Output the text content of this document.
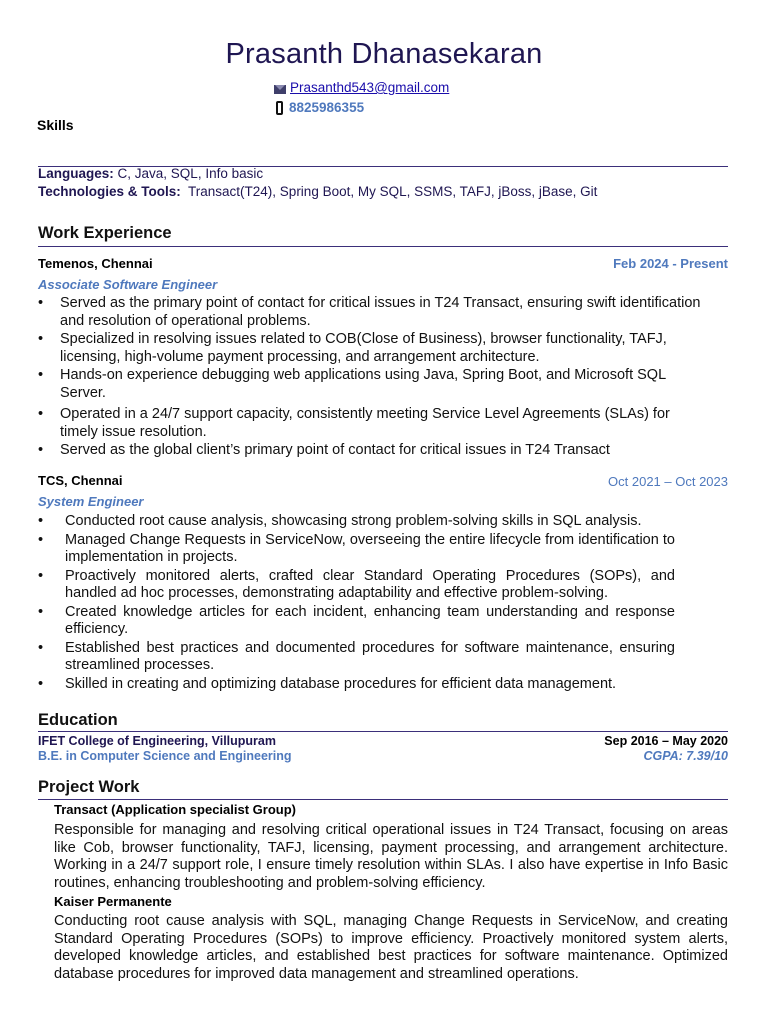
Prasanth Dhanasekaran
Prasanthd543@gmail.com
8825986355
Skills
Languages: C, Java, SQL, Info basic
Technologies & Tools: Transact(T24), Spring Boot, My SQL, SSMS, TAFJ, jBoss, jBase, Git
Work Experience
Temenos, Chennai	Feb 2024 - Present
Associate Software Engineer
• Served as the primary point of contact for critical issues in T24 Transact, ensuring swift identification and resolution of operational problems.
• Specialized in resolving issues related to COB(Close of Business), browser functionality, TAFJ, licensing, high-volume payment processing, and arrangement architecture.
• Hands-on experience debugging web applications using Java, Spring Boot, and Microsoft SQL Server.
• Operated in a 24/7 support capacity, consistently meeting Service Level Agreements (SLAs) for timely issue resolution.
• Served as the global client’s primary point of contact for critical issues in T24 Transact
TCS, Chennai	Oct 2021 – Oct 2023
System Engineer
• Conducted root cause analysis, showcasing strong problem-solving skills in SQL analysis.
• Managed Change Requests in ServiceNow, overseeing the entire lifecycle from identification to implementation in projects.
• Proactively monitored alerts, crafted clear Standard Operating Procedures (SOPs), and handled ad hoc processes, demonstrating adaptability and effective problem-solving.
• Created knowledge articles for each incident, enhancing team understanding and response efficiency.
• Established best practices and documented procedures for software maintenance, ensuring streamlined processes.
• Skilled in creating and optimizing database procedures for efficient data management.
Education
IFET College of Engineering, Villupuram
B.E. in Computer Science and Engineering
Sep 2016 – May 2020
CGPA: 7.39/10
Project Work
Transact (Application specialist Group)
Responsible for managing and resolving critical operational issues in T24 Transact, focusing on areas like Cob, browser functionality, TAFJ, licensing, payment processing, and arrangement architecture. Working in a 24/7 support role, I ensure timely resolution within SLAs. I also have expertise in Info Basic routines, enhancing troubleshooting and problem-solving efficiency.
Kaiser Permanente
Conducting root cause analysis with SQL, managing Change Requests in ServiceNow, and creating Standard Operating Procedures (SOPs) to improve efficiency. Proactively monitored system alerts, developed knowledge articles, and established best practices for software maintenance. Optimized database procedures for improved data management and streamlined operations.
